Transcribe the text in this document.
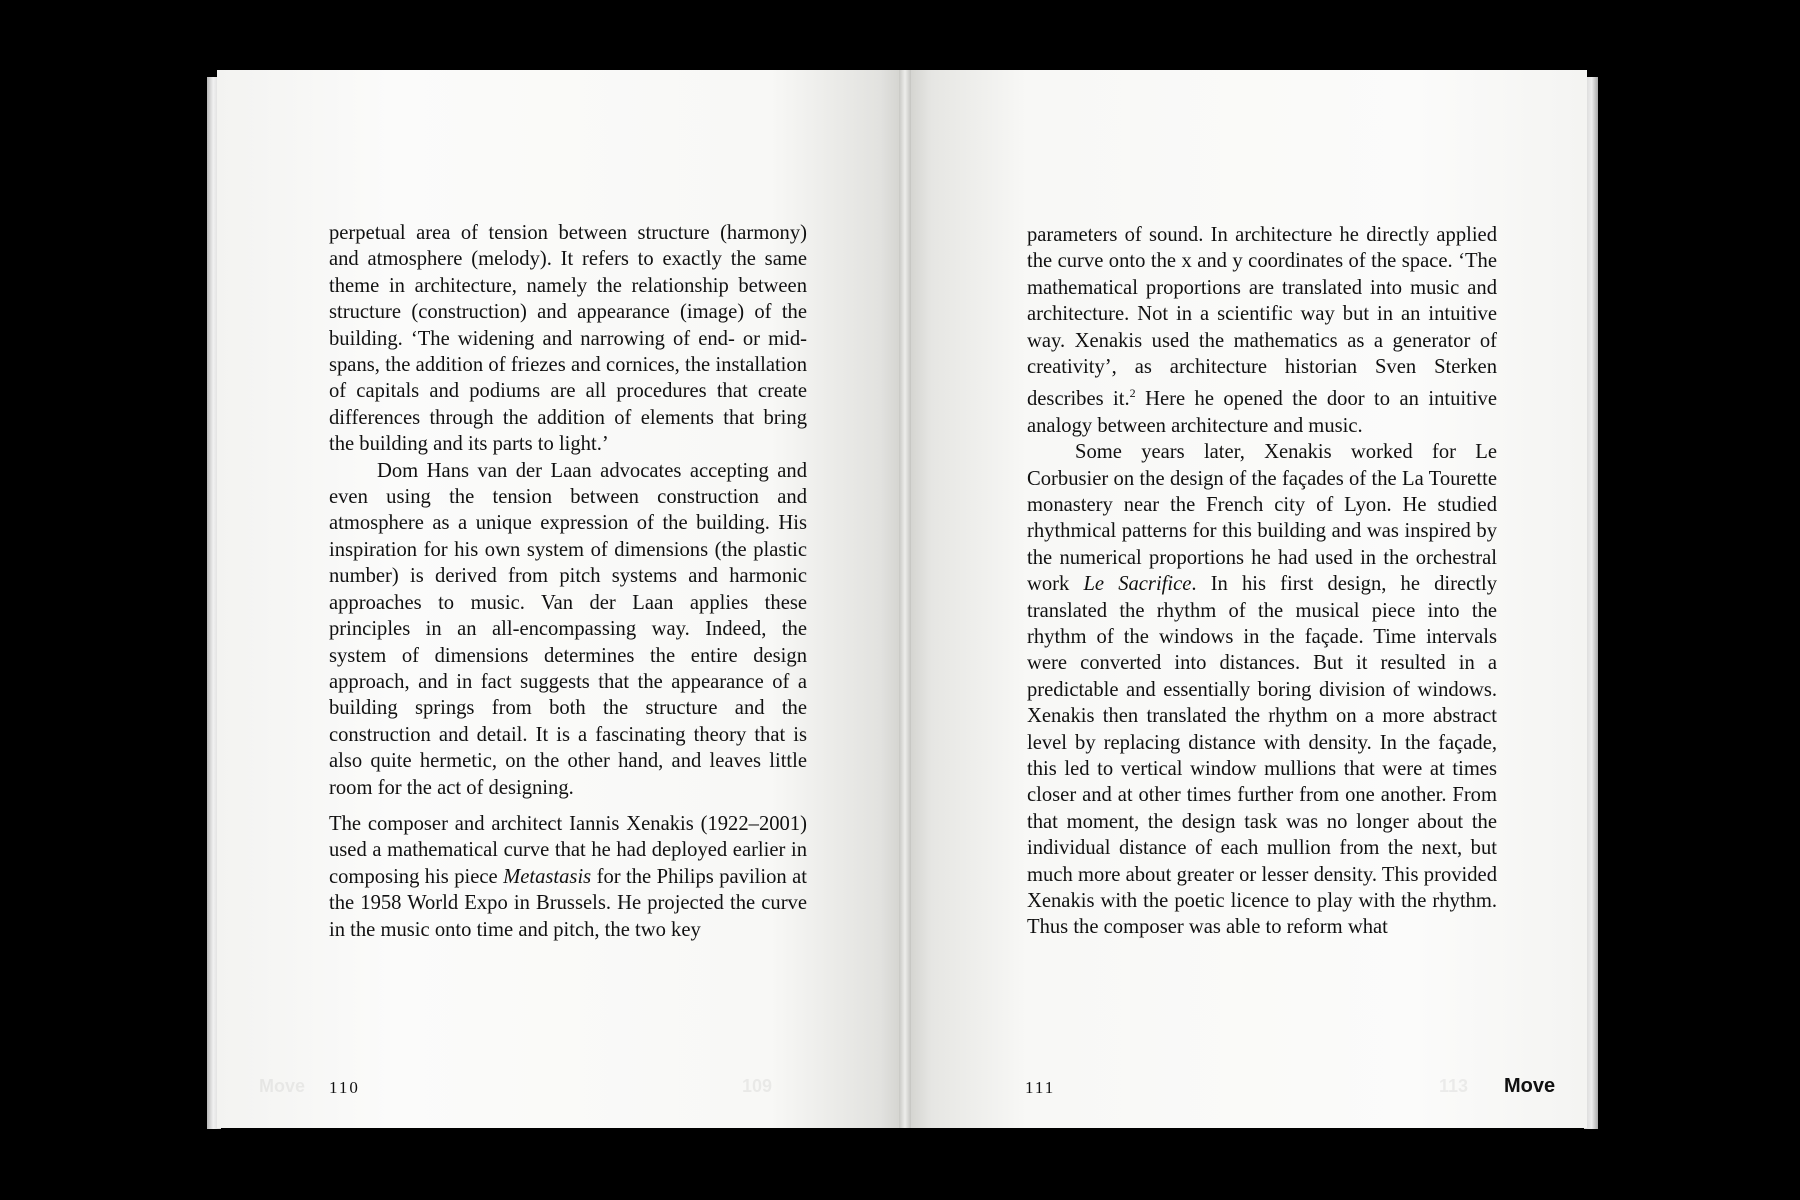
Move	109

perpetual area of tension between structure (harmony) and atmosphere (melody). It refers to exactly the same theme in architecture, namely the relationship between structure (construction) and appearance (image) of the building. ‘The widening and narrowing of end- or mid-spans, the addition of friezes and cornices, the installation of capitals and podiums are all procedures that create differences through the addition of elements that bring the building and its parts to light.’

Dom Hans van der Laan advocates accepting and even using the tension between construction and atmosphere as a unique expression of the building. His inspiration for his own system of dimensions (the plastic number) is derived from pitch systems and harmonic approaches to music. Van der Laan applies these principles in an all-encompassing way. Indeed, the system of dimensions determines the entire design approach, and in fact suggests that the appearance of a building springs from both the structure and the construction and detail. It is a fascinating theory that is also quite hermetic, on the other hand, and leaves little room for the act of designing.

The composer and architect Iannis Xenakis (1922–2001) used a mathematical curve that he had deployed earlier in composing his piece Metastasis for the Philips pavilion at the 1958 World Expo in Brussels. He projected the curve in the music onto time and pitch, the two key

110	113

parameters of sound. In architecture he directly applied the curve onto the x and y coordinates of the space. ‘The mathematical proportions are translated into music and architecture. Not in a scientific way but in an intuitive way. Xenakis used the mathematics as a generator of creativity’, as architecture historian Sven Sterken describes it.$^2$ Here he opened the door to an intuitive analogy between architecture and music.

Some years later, Xenakis worked for Le Corbusier on the design of the façades of the La Tourette monastery near the French city of Lyon. He studied rhythmical patterns for this building and was inspired by the numerical proportions he had used in the orchestral work Le Sacrifice. In his first design, he directly translated the rhythm of the musical piece into the rhythm of the windows in the façade. Time intervals were converted into distances. But it resulted in a predictable and essentially boring division of windows. Xenakis then translated the rhythm on a more abstract level by replacing distance with density. In the façade, this led to vertical window mullions that were at times closer and at other times further from one another. From that moment, the design task was no longer about the individual distance of each mullion from the next, but much more about greater or lesser density. This provided Xenakis with the poetic licence to play with the rhythm. Thus the composer was able to reform what

111	Move
